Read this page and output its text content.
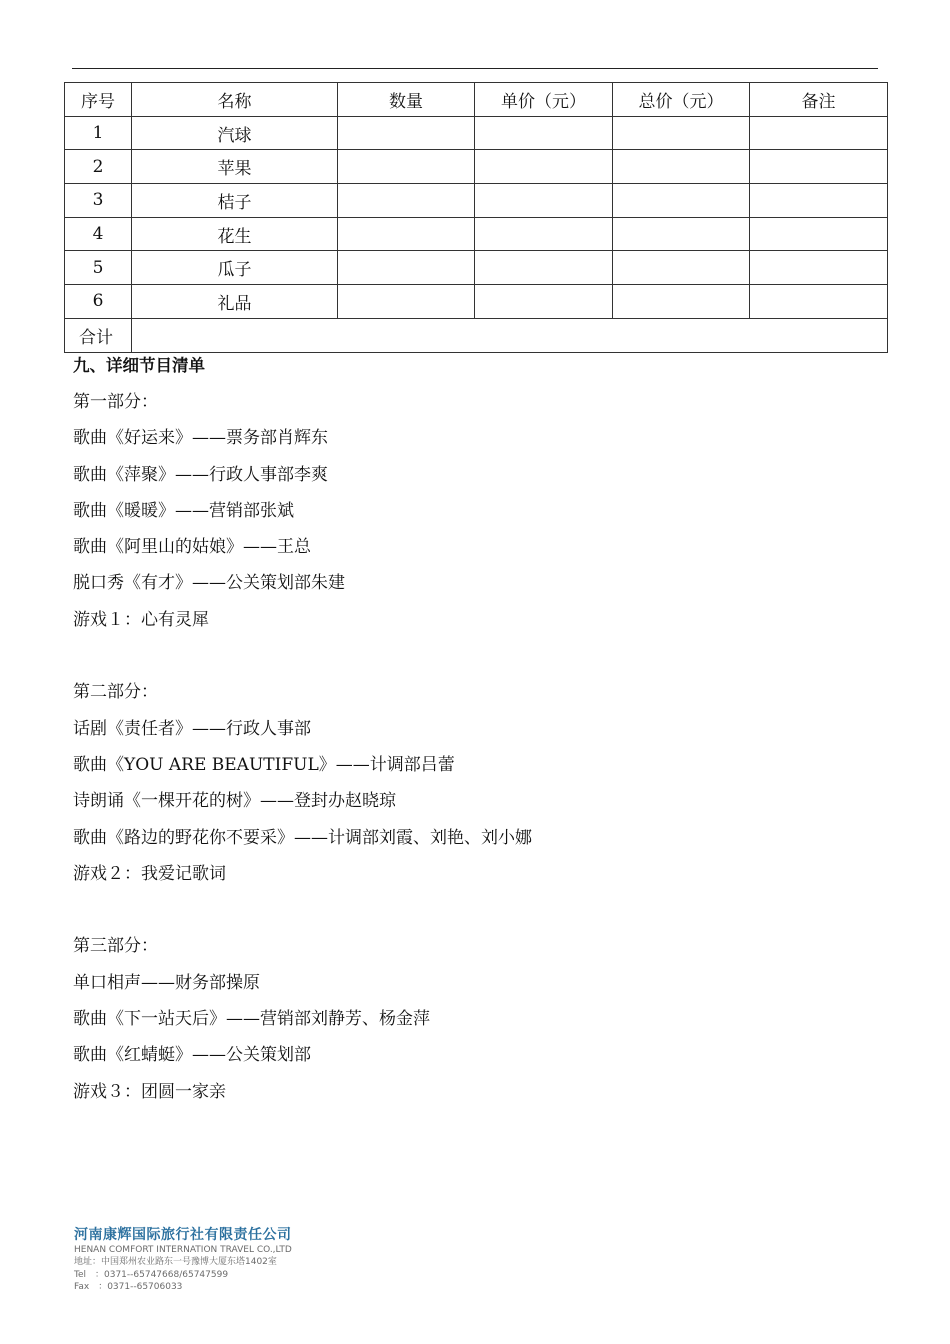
序号	名称	数量	单价（元）	总价（元）	备注
1	汽球				
2	苹果				
3	桔子				
4	花生				
5	瓜子				
6	礼品				
合计					
九、详细节目清单
第一部分：
歌曲《好运来》——票务部肖辉东
歌曲《萍聚》——行政人事部李爽
歌曲《暖暖》——营销部张斌
歌曲《阿里山的姑娘》——王总
脱口秀《有才》——公关策划部朱建
游戏１：心有灵犀
第二部分：
话剧《责任者》——行政人事部
歌曲《YOU ARE BEAUTIFUL》——计调部吕蕾
诗朗诵《一棵开花的树》——登封办赵晓琼
歌曲《路边的野花你不要采》——计调部刘霞、刘艳、刘小娜
游戏２：我爱记歌词
第三部分：
单口相声——财务部操原
歌曲《下一站天后》——营销部刘静芳、杨金萍
歌曲《红蜻蜓》——公关策划部
游戏３：团圆一家亲
河南康辉国际旅行社有限责任公司
HENAN COMFORT INTERNATION TRAVEL CO.,LTD
地址：中国郑州农业路东一号豫博大厦东塔1402室
Tel　：0371--65747668/65747599
Fax　：0371--65706033
